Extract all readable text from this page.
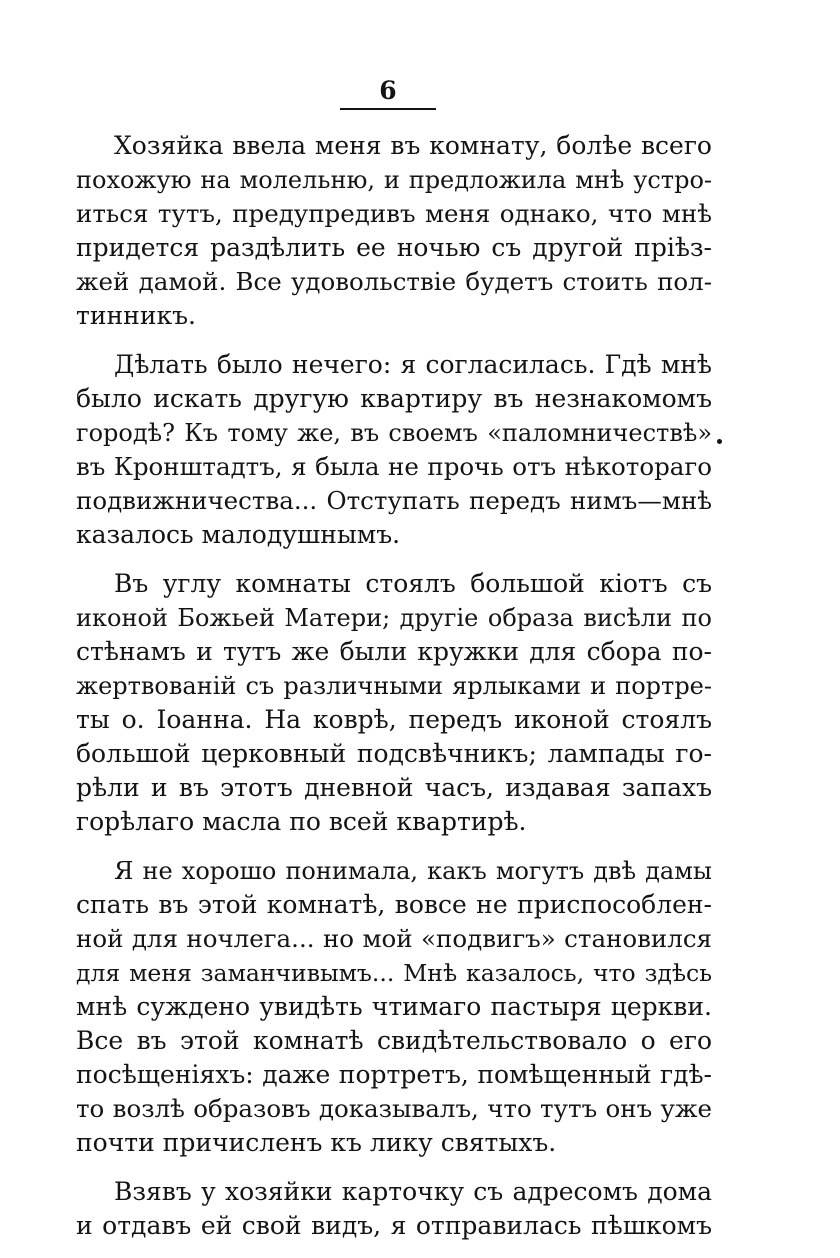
6

Хозяйка ввела меня въ комнату, болѣе всего
похожую на молельню, и предложила мнѣ устро-
иться тутъ, предупредивъ меня однако, что мнѣ
придется раздѣлить ее ночью съ другой пріѣз-
жей дамой. Все удовольствіе будетъ стоить пол-
тинникъ.

Дѣлать было нечего: я согласилась. Гдѣ мнѣ
было искать другую квартиру въ незнакомомъ
городѣ? Къ тому же, въ своемъ «паломничествѣ»
въ Кронштадтъ, я была не прочь отъ нѣкотораго
подвижничества... Отступать передъ нимъ—мнѣ
казалось малодушнымъ.

Въ углу комнаты стоялъ большой кіотъ съ
иконой Божьей Матери; другіе образа висѣли по
стѣнамъ и тутъ же были кружки для сбора по-
жертвованій съ различными ярлыками и портре-
ты о. Іоанна. На коврѣ, передъ иконой стоялъ
большой церковный подсвѣчникъ; лампады го-
рѣли и въ этотъ дневной часъ, издавая запахъ
горѣлаго масла по всей квартирѣ.

Я не хорошо понимала, какъ могутъ двѣ дамы
спать въ этой комнатѣ, вовсе не приспособлен-
ной для ночлега... но мой «подвигъ» становился
для меня заманчивымъ... Мнѣ казалось, что здѣсь
мнѣ суждено увидѣть чтимаго пастыря церкви.
Все въ этой комнатѣ свидѣтельствовало о его
посѣщеніяхъ: даже портретъ, помѣщенный гдѣ-
то возлѣ образовъ доказывалъ, что тутъ онъ уже
почти причисленъ къ лику святыхъ.

Взявъ у хозяйки карточку съ адресомъ дома
и отдавъ ей свой видъ, я отправилась пѣшкомъ
